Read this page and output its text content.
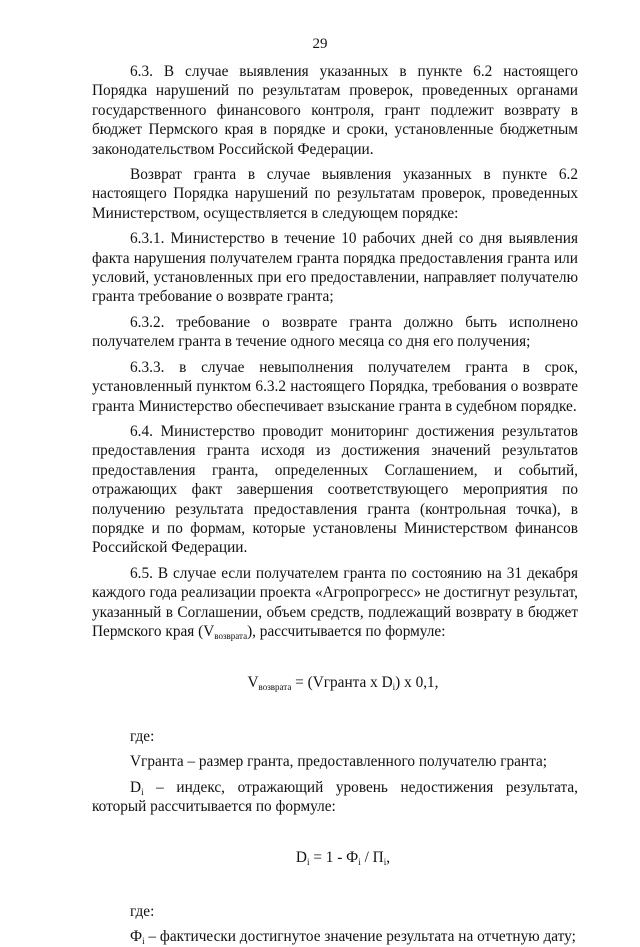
29

6.3. В случае выявления указанных в пункте 6.2 настоящего Порядка нарушений по результатам проверок, проведенных органами государственного финансового контроля, грант подлежит возврату в бюджет Пермского края в порядке и сроки, установленные бюджетным законодательством Российской Федерации.

Возврат гранта в случае выявления указанных в пункте 6.2 настоящего Порядка нарушений по результатам проверок, проведенных Министерством, осуществляется в следующем порядке:

6.3.1. Министерство в течение 10 рабочих дней со дня выявления факта нарушения получателем гранта порядка предоставления гранта или условий, установленных при его предоставлении, направляет получателю гранта требование о возврате гранта;

6.3.2. требование о возврате гранта должно быть исполнено получателем гранта в течение одного месяца со дня его получения;

6.3.3. в случае невыполнения получателем гранта в срок, установленный пунктом 6.3.2 настоящего Порядка, требования о возврате гранта Министерство обеспечивает взыскание гранта в судебном порядке.

6.4. Министерство проводит мониторинг достижения результатов предоставления гранта исходя из достижения значений результатов предоставления гранта, определенных Соглашением, и событий, отражающих факт завершения соответствующего мероприятия по получению результата предоставления гранта (контрольная точка), в порядке и по формам, которые установлены Министерством финансов Российской Федерации.

6.5. В случае если получателем гранта по состоянию на 31 декабря каждого года реализации проекта «Агропрогресс» не достигнут результат, указанный в Соглашении, объем средств, подлежащий возврату в бюджет Пермского края $(V_{возврата})$, рассчитывается по формуле:

$V_{возврата}$ = (Vгранта x $D_i$) x 0,1,

где:

Vгранта – размер гранта, предоставленного получателю гранта;

$D_i$ – индекс, отражающий уровень недостижения результата, который рассчитывается по формуле:

$D_i = 1 - Ф_i / П_i$,

где:

$Ф_i$ – фактически достигнутое значение результата на отчетную дату;
